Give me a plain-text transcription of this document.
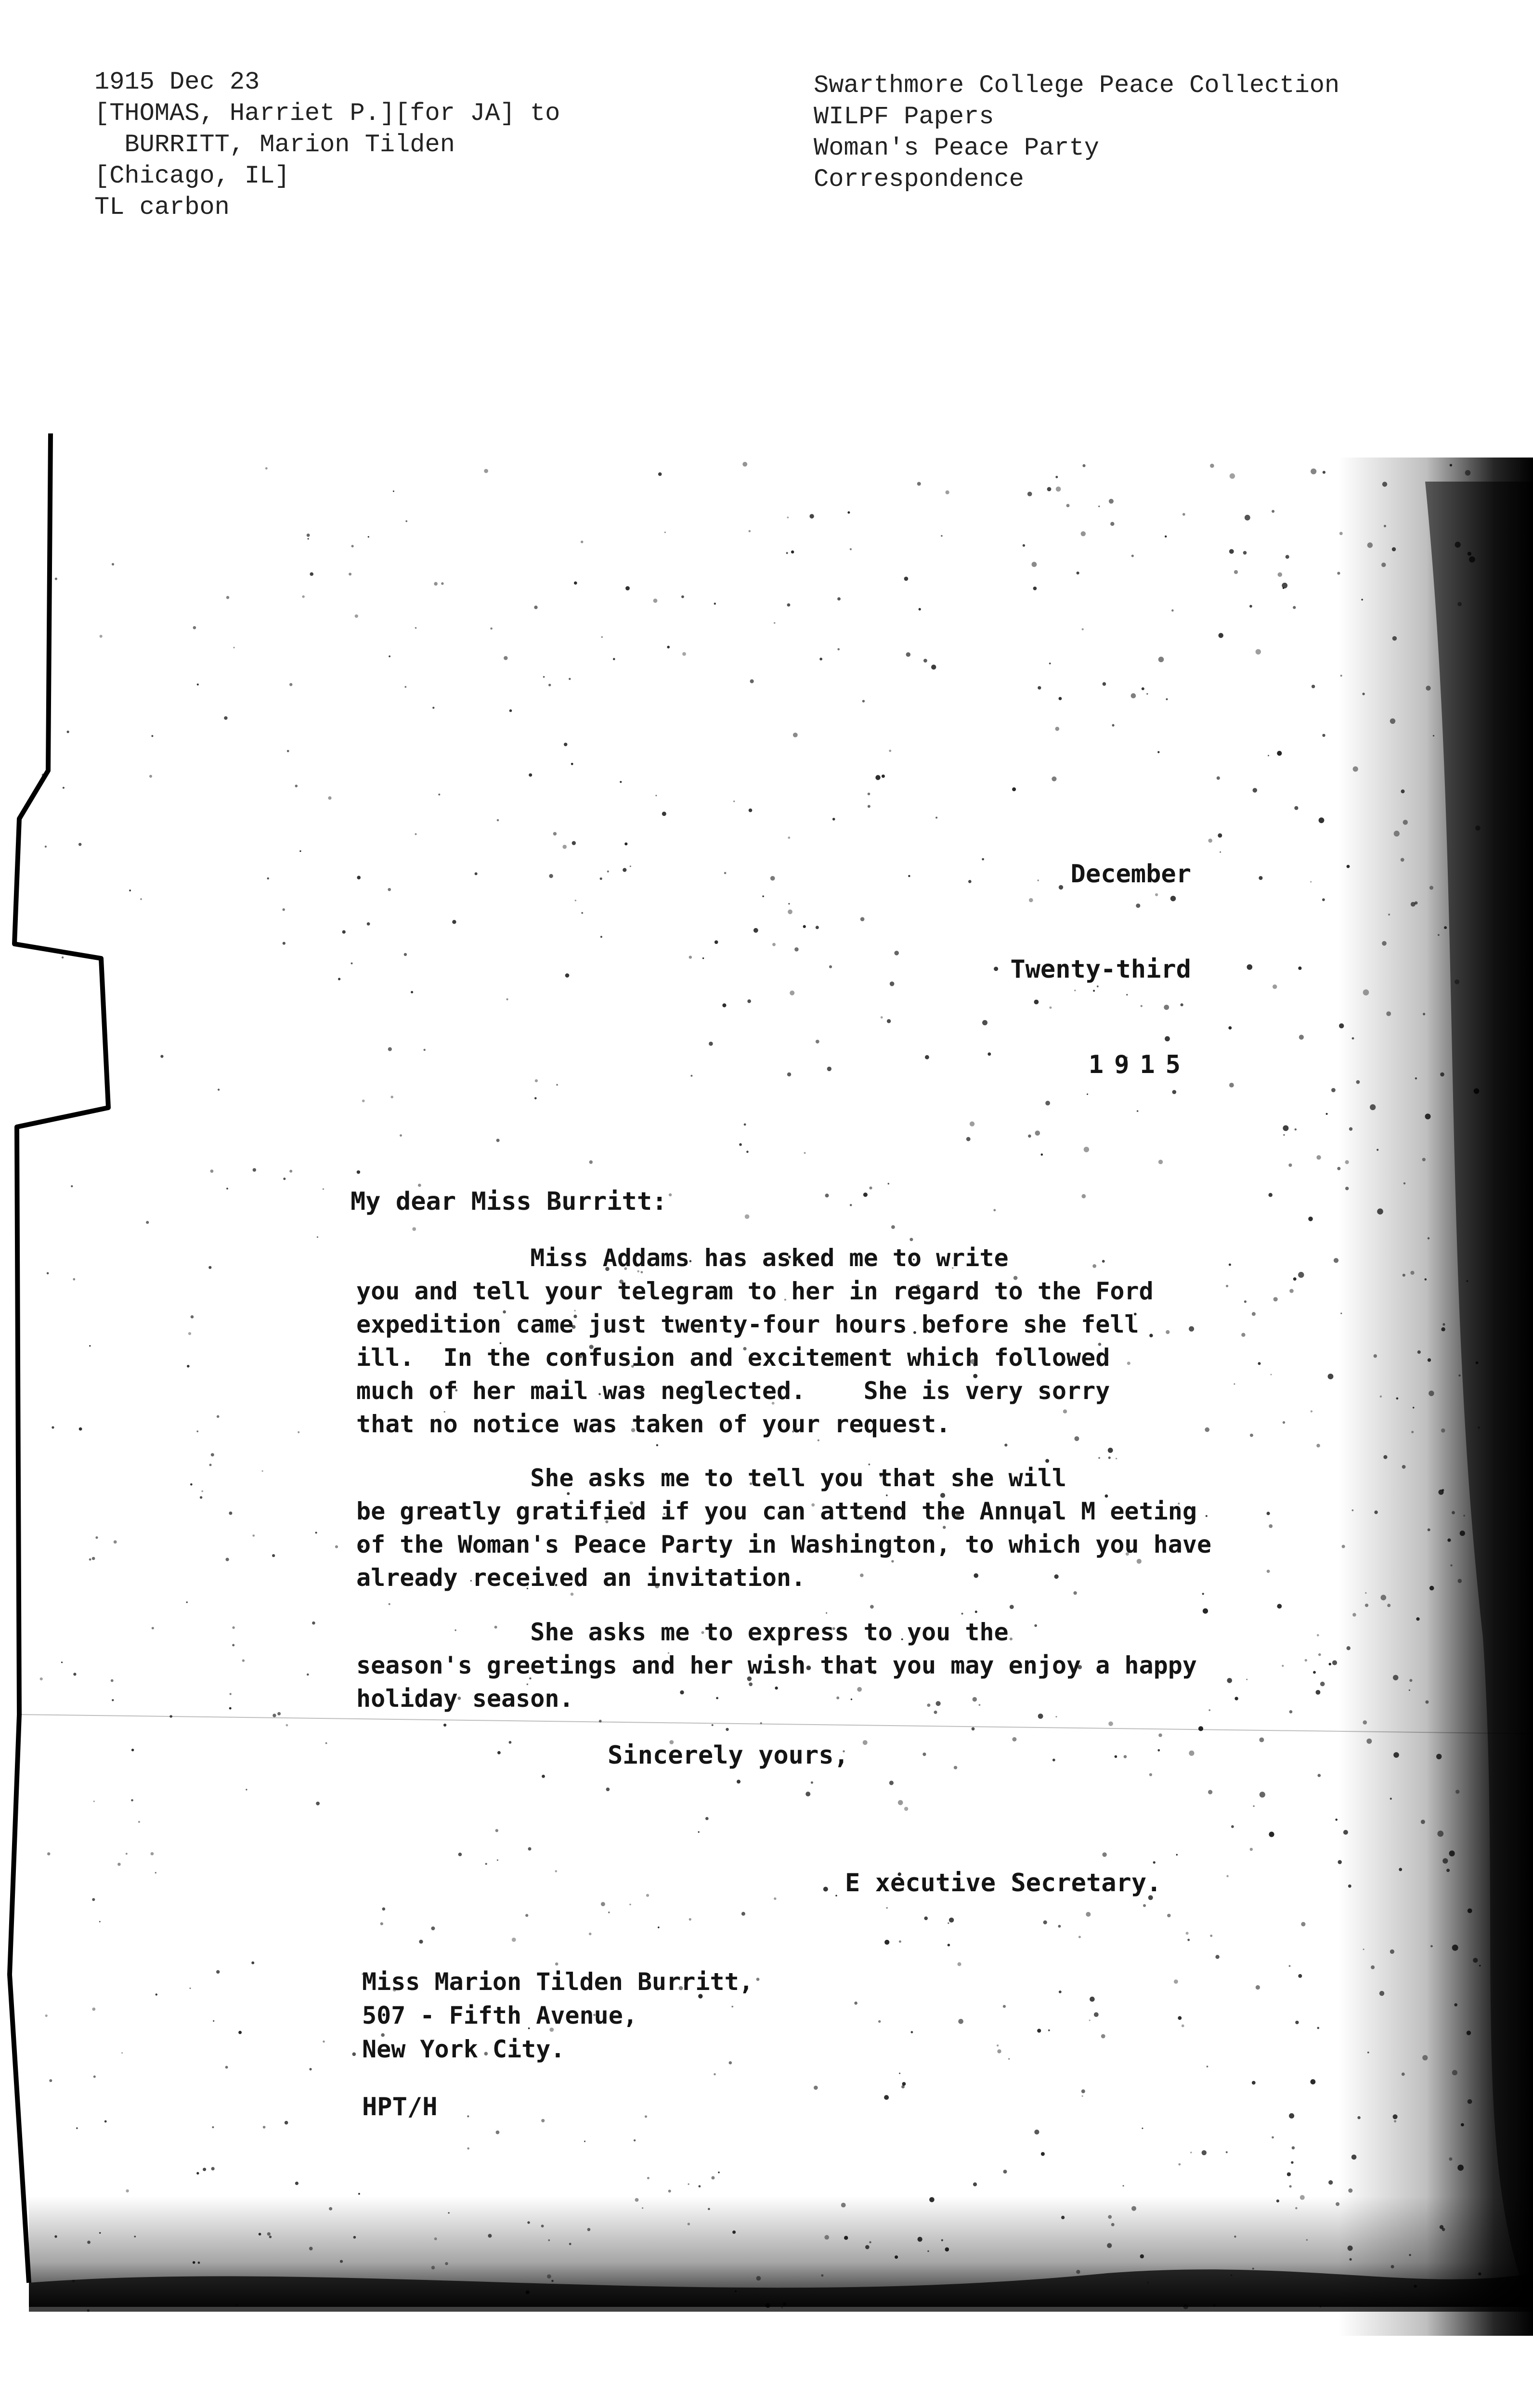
1915 Dec 23
[THOMAS, Harriet P.][for JA] to
BURRITT, Marion Tilden
[Chicago, IL]
TL carbon
Swarthmore College Peace Collection
WILPF Papers
Woman's Peace Party
Correspondence

December

Twenty-third

1915

My dear Miss Burritt:
Miss Addams has asked me to write
you and tell your telegram to her in regard to the Ford
expedition came just twenty-four hours before she fell
ill.  In the confusion and excitement which followed
much of her mail was neglected.    She is very sorry
that no notice was taken of your request.
She asks me to tell you that she will
be greatly gratified if you can attend the Annual M eeting
of the Woman's Peace Party in Washington, to which you have
already received an invitation.
She asks me to express to you the
season's greetings and her wish that you may enjoy a happy
holiday season.
Sincerely yours,
E xecutive Secretary.
Miss Marion Tilden Burritt,
507 - Fifth Avenue,
New York City.
HPT/H
